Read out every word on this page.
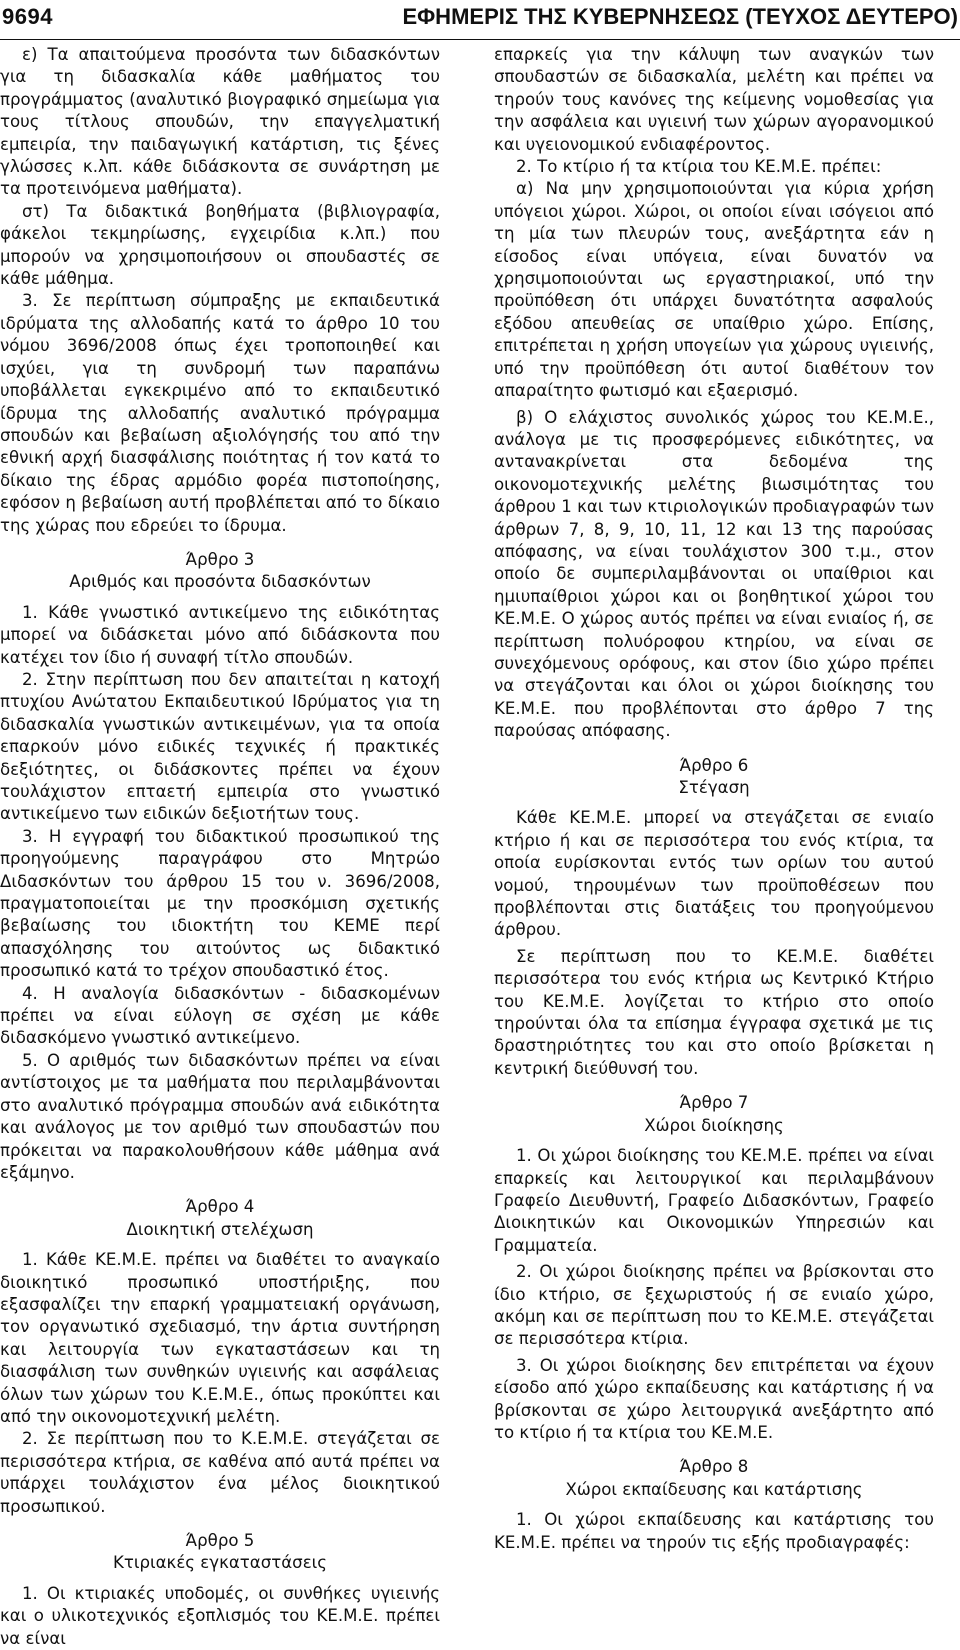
9694	ΕΦΗΜΕΡΙΣ ΤΗΣ ΚΥΒΕΡΝΗΣΕΩΣ (ΤΕΥΧΟΣ ΔΕΥΤΕΡΟ)

ε) Τα απαιτούμενα προσόντα των διδασκόντων για τη διδασκαλία κάθε μαθήματος του προγράμματος (αναλυτικό βιογραφικό σημείωμα για τους τίτλους σπουδών, την επαγγελματική εμπειρία, την παιδαγωγική κατάρτιση, τις ξένες γλώσσες κ.λπ. κάθε διδάσκοντα σε συνάρτηση με τα προτεινόμενα μαθήματα).

στ) Τα διδακτικά βοηθήματα (βιβλιογραφία, φάκελοι τεκμηρίωσης, εγχειρίδια κ.λπ.) που μπορούν να χρησιμοποιήσουν οι σπουδαστές σε κάθε μάθημα.

3. Σε περίπτωση σύμπραξης με εκπαιδευτικά ιδρύματα της αλλοδαπής κατά το άρθρο 10 του νόμου 3696/2008 όπως έχει τροποποιηθεί και ισχύει, για τη συνδρομή των παραπάνω υποβάλλεται εγκεκριμένο από το εκπαιδευτικό ίδρυμα της αλλοδαπής αναλυτικό πρόγραμμα σπουδών και βεβαίωση αξιολόγησής του από την εθνική αρχή διασφάλισης ποιότητας ή τον κατά το δίκαιο της έδρας αρμόδιο φορέα πιστοποίησης, εφόσον η βεβαίωση αυτή προβλέπεται από το δίκαιο της χώρας που εδρεύει το ίδρυμα.

Άρθρο 3
Αριθμός και προσόντα διδασκόντων

1. Κάθε γνωστικό αντικείμενο της ειδικότητας μπορεί να διδάσκεται μόνο από διδάσκοντα που κατέχει τον ίδιο ή συναφή τίτλο σπουδών.

2. Στην περίπτωση που δεν απαιτείται η κατοχή πτυχίου Ανώτατου Εκπαιδευτικού Ιδρύματος για τη διδασκαλία γνωστικών αντικειμένων, για τα οποία επαρκούν μόνο ειδικές τεχνικές ή πρακτικές δεξιότητες, οι διδάσκοντες πρέπει να έχουν τουλάχιστον επταετή εμπειρία στο γνωστικό αντικείμενο των ειδικών δεξιοτήτων τους.

3. Η εγγραφή του διδακτικού προσωπικού της προηγούμενης παραγράφου στο Μητρώο Διδασκόντων του άρθρου 15 του ν. 3696/2008, πραγματοποιείται με την προσκόμιση σχετικής βεβαίωσης του ιδιοκτήτη του ΚΕΜΕ περί απασχόλησης του αιτούντος ως διδακτικό προσωπικό κατά το τρέχον σπουδαστικό έτος.

4. Η αναλογία διδασκόντων - διδασκομένων πρέπει να είναι εύλογη σε σχέση με κάθε διδασκόμενο γνωστικό αντικείμενο.

5. Ο αριθμός των διδασκόντων πρέπει να είναι αντίστοιχος με τα μαθήματα που περιλαμβάνονται στο αναλυτικό πρόγραμμα σπουδών ανά ειδικότητα και ανάλογος με τον αριθμό των σπουδαστών που πρόκειται να παρακολουθήσουν κάθε μάθημα ανά εξάμηνο.

Άρθρο 4
Διοικητική στελέχωση

1. Κάθε ΚΕ.Μ.Ε. πρέπει να διαθέτει το αναγκαίο διοικητικό προσωπικό υποστήριξης, που εξασφαλίζει την επαρκή γραμματειακή οργάνωση, τον οργανωτικό σχεδιασμό, την άρτια συντήρηση και λειτουργία των εγκαταστάσεων και τη διασφάλιση των συνθηκών υγιεινής και ασφάλειας όλων των χώρων του Κ.Ε.Μ.Ε., όπως προκύπτει και από την οικονομοτεχνική μελέτη.

2. Σε περίπτωση που το Κ.Ε.Μ.Ε. στεγάζεται σε περισσότερα κτήρια, σε καθένα από αυτά πρέπει να υπάρχει τουλάχιστον ένα μέλος διοικητικού προσωπικού.

Άρθρο 5
Κτιριακές εγκαταστάσεις

1. Οι κτιριακές υποδομές, οι συνθήκες υγιεινής και ο υλικοτεχνικός εξοπλισμός του ΚΕ.Μ.Ε. πρέπει να είναι

επαρκείς για την κάλυψη των αναγκών των σπουδαστών σε διδασκαλία, μελέτη και πρέπει να τηρούν τους κανόνες της κείμενης νομοθεσίας για την ασφάλεια και υγιεινή των χώρων αγορανομικού και υγειονομικού ενδιαφέροντος.

2. Το κτίριο ή τα κτίρια του ΚΕ.Μ.Ε. πρέπει:

α) Να μην χρησιμοποιούνται για κύρια χρήση υπόγειοι χώροι. Χώροι, οι οποίοι είναι ισόγειοι από τη μία των πλευρών τους, ανεξάρτητα εάν η είσοδος είναι υπόγεια, είναι δυνατόν να χρησιμοποιούνται ως εργαστηριακοί, υπό την προϋπόθεση ότι υπάρχει δυνατότητα ασφαλούς εξόδου απευθείας σε υπαίθριο χώρο. Επίσης, επιτρέπεται η χρήση υπογείων για χώρους υγιεινής, υπό την προϋπόθεση ότι αυτοί διαθέτουν τον απαραίτητο φωτισμό και εξαερισμό.

β) Ο ελάχιστος συνολικός χώρος του ΚΕ.Μ.Ε., ανάλογα με τις προσφερόμενες ειδικότητες, να αντανακρίνεται στα δεδομένα της οικονομοτεχνικής μελέτης βιωσιμότητας του άρθρου 1 και των κτιριολογικών προδιαγραφών των άρθρων 7, 8, 9, 10, 11, 12 και 13 της παρούσας απόφασης, να είναι τουλάχιστον 300 τ.μ., στον οποίο δε συμπεριλαμβάνονται οι υπαίθριοι και ημιυπαίθριοι χώροι και οι βοηθητικοί χώροι του ΚΕ.Μ.Ε. Ο χώρος αυτός πρέπει να είναι ενιαίος ή, σε περίπτωση πολυόροφου κτηρίου, να είναι σε συνεχόμενους ορόφους, και στον ίδιο χώρο πρέπει να στεγάζονται και όλοι οι χώροι διοίκησης του ΚΕ.Μ.Ε. που προβλέπονται στο άρθρο 7 της παρούσας απόφασης.

Άρθρο 6
Στέγαση

Κάθε ΚΕ.Μ.Ε. μπορεί να στεγάζεται σε ενιαίο κτήριο ή και σε περισσότερα του ενός κτίρια, τα οποία ευρίσκονται εντός των ορίων του αυτού νομού, τηρουμένων των προϋποθέσεων που προβλέπονται στις διατάξεις του προηγούμενου άρθρου.

Σε περίπτωση που το ΚΕ.Μ.Ε. διαθέτει περισσότερα του ενός κτήρια ως Κεντρικό Κτήριο του ΚΕ.Μ.Ε. λογίζεται το κτήριο στο οποίο τηρούνται όλα τα επίσημα έγγραφα σχετικά με τις δραστηριότητες του και στο οποίο βρίσκεται η κεντρική διεύθυνσή του.

Άρθρο 7
Χώροι διοίκησης

1. Οι χώροι διοίκησης του ΚΕ.Μ.Ε. πρέπει να είναι επαρκείς και λειτουργικοί και περιλαμβάνουν Γραφείο Διευθυντή, Γραφείο Διδασκόντων, Γραφείο Διοικητικών και Οικονομικών Υπηρεσιών και Γραμματεία.

2. Οι χώροι διοίκησης πρέπει να βρίσκονται στο ίδιο κτήριο, σε ξεχωριστούς ή σε ενιαίο χώρο, ακόμη και σε περίπτωση που το ΚΕ.Μ.Ε. στεγάζεται σε περισσότερα κτίρια.

3. Οι χώροι διοίκησης δεν επιτρέπεται να έχουν είσοδο από χώρο εκπαίδευσης και κατάρτισης ή να βρίσκονται σε χώρο λειτουργικά ανεξάρτητο από το κτίριο ή τα κτίρια του ΚΕ.Μ.Ε.

Άρθρο 8
Χώροι εκπαίδευσης και κατάρτισης

1. Οι χώροι εκπαίδευσης και κατάρτισης του ΚΕ.Μ.Ε. πρέπει να τηρούν τις εξής προδιαγραφές:
